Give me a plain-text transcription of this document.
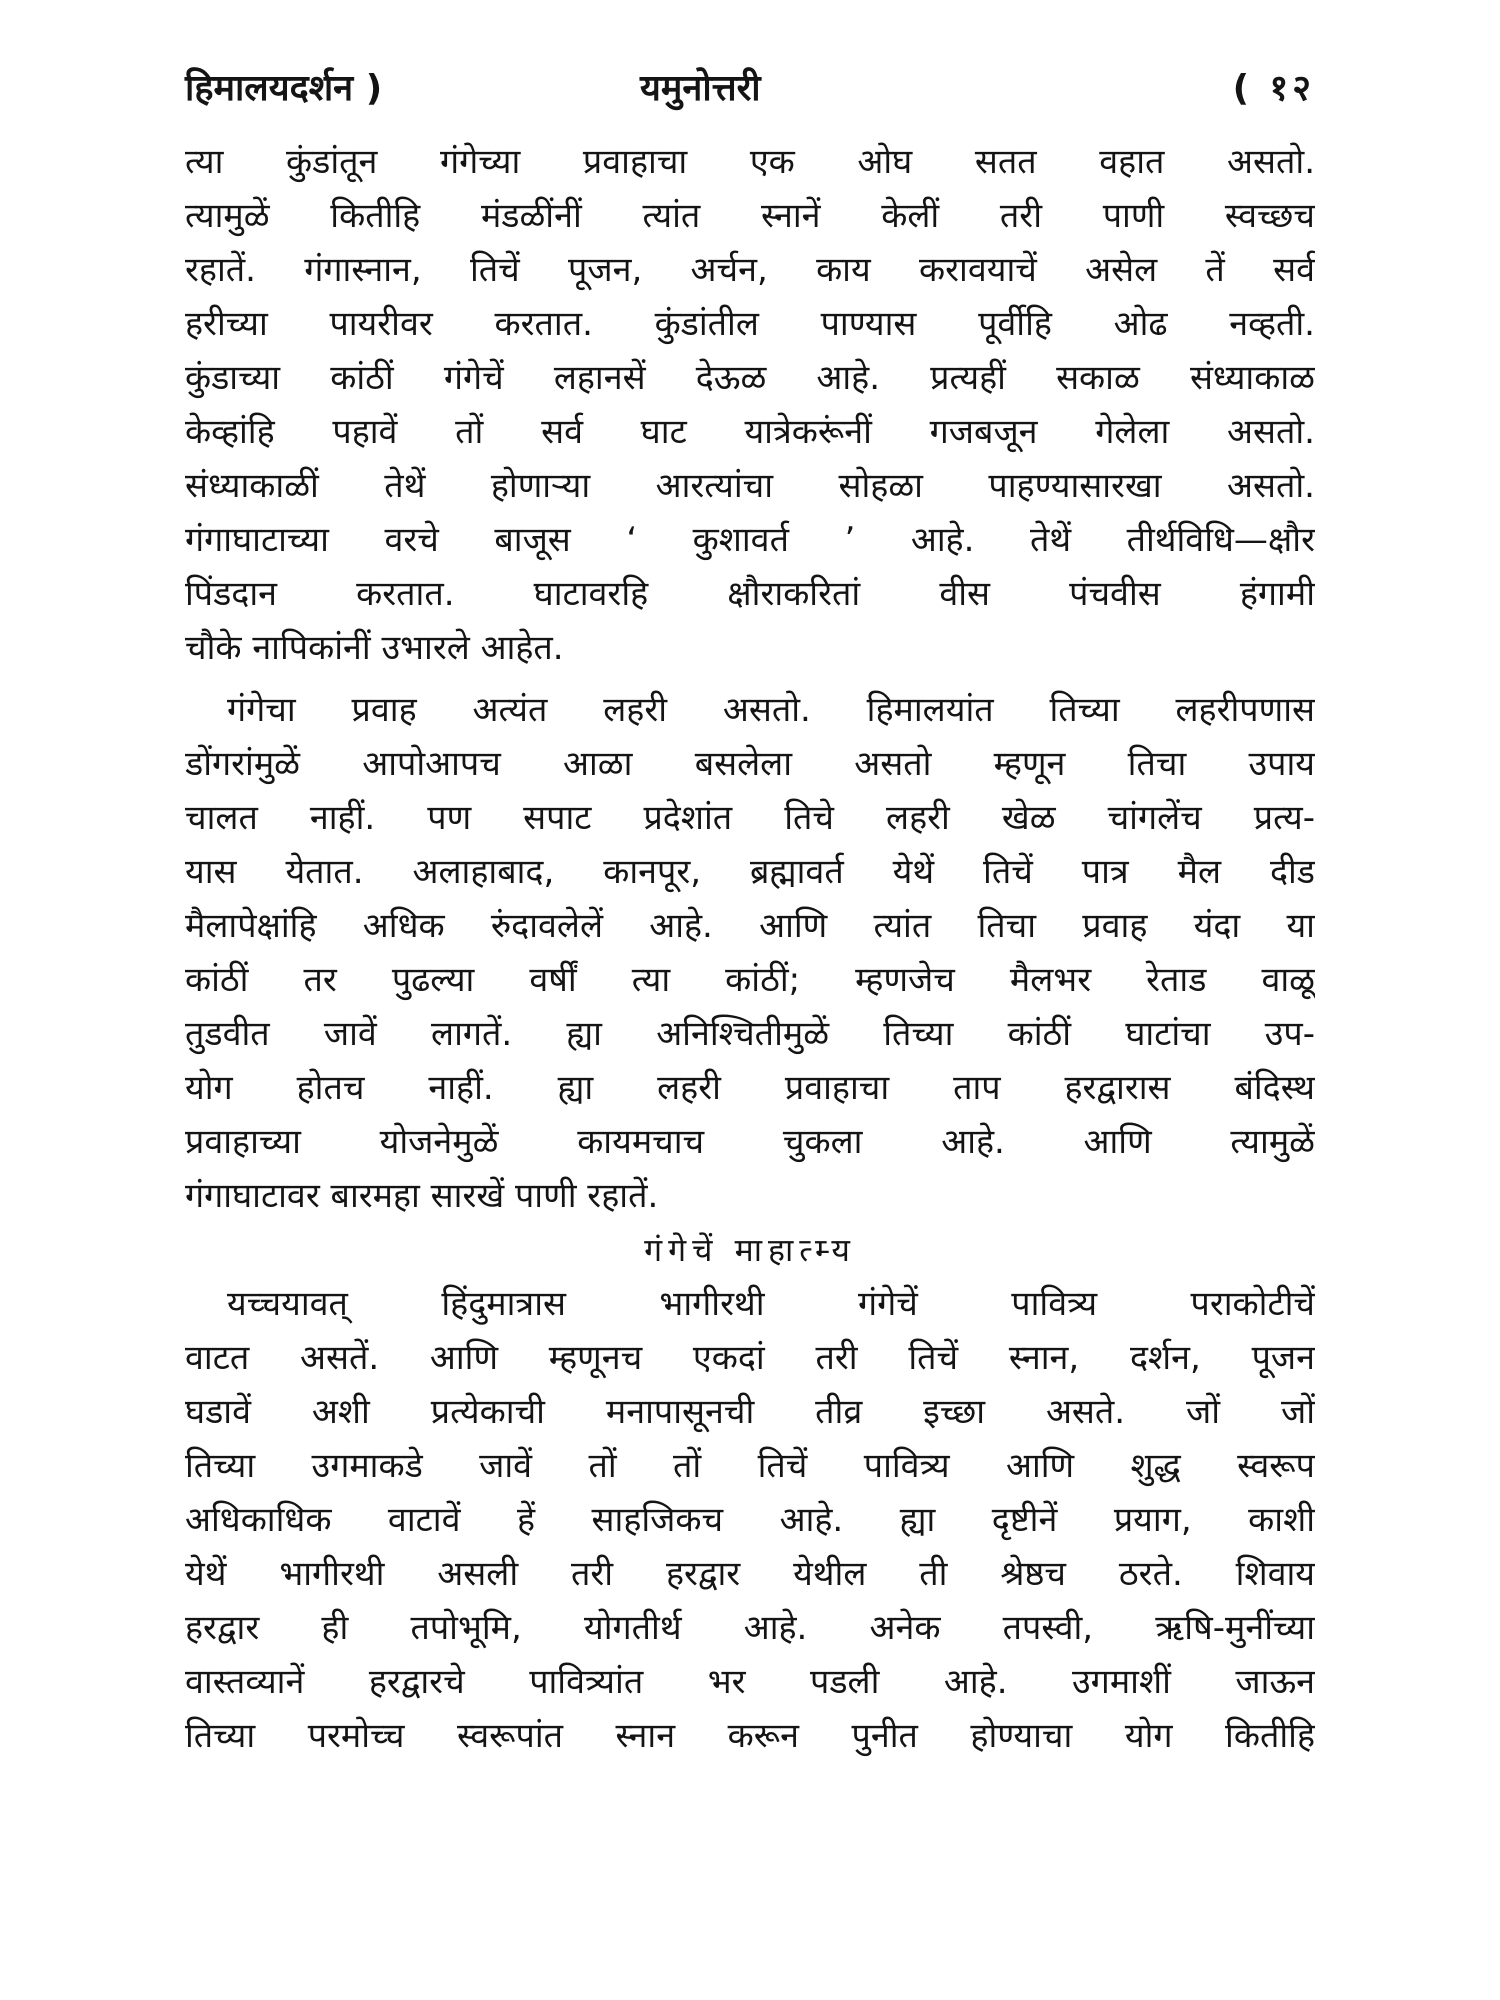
हिमालयदर्शन )	यमुनोत्तरी	( १२
त्या कुंडांतून गंगेच्या प्रवाहाचा एक ओघ सतत वहात असतो.
त्यामुळें कितीहि मंडळींनीं त्यांत स्नानें केलीं तरी पाणी स्वच्छच
रहातें. गंगास्नान, तिचें पूजन, अर्चन, काय करावयाचें असेल तें सर्व
हरीच्या पायरीवर करतात. कुंडांतील पाण्यास पूर्वीहि ओढ नव्हती.
कुंडाच्या कांठीं गंगेचें लहानसें देऊळ आहे. प्रत्यहीं सकाळ संध्याकाळ
केव्हांहि पहावें तों सर्व घाट यात्रेकरूंनीं गजबजून गेलेला असतो.
संध्याकाळीं तेथें होणाऱ्या आरत्यांचा सोहळा पाहण्यासारखा असतो.
गंगाघाटाच्या वरचे बाजूस ‘ कुशावर्त ’ आहे. तेथें तीर्थविधि—क्षौर
पिंडदान करतात. घाटावरहि क्षौराकरितां वीस पंचवीस हंगामी
चौके नापिकांनीं उभारले आहेत.
गंगेचा प्रवाह अत्यंत लहरी असतो. हिमालयांत तिच्या लहरीपणास
डोंगरांमुळें आपोआपच आळा बसलेला असतो म्हणून तिचा उपाय
चालत नाहीं. पण सपाट प्रदेशांत तिचे लहरी खेळ चांगलेंच प्रत्य-
यास येतात. अलाहाबाद, कानपूर, ब्रह्मावर्त येथें तिचें पात्र मैल दीड
मैलापेक्षांहि अधिक रुंदावलेलें आहे. आणि त्यांत तिचा प्रवाह यंदा या
कांठीं तर पुढल्या वर्षीं त्या कांठीं; म्हणजेच मैलभर रेताड वाळू
तुडवीत जावें लागतें. ह्या अनिश्चितीमुळें तिच्या कांठीं घाटांचा उप-
योग होतच नाहीं. ह्या लहरी प्रवाहाचा ताप हरद्वारास बंदिस्थ
प्रवाहाच्या योजनेमुळें कायमचाच चुकला आहे. आणि त्यामुळें
गंगाघाटावर बारमहा सारखें पाणी रहातें.
गंगेचें माहात्म्य
यच्चयावत् हिंदुमात्रास भागीरथी गंगेचें पावित्र्य पराकोटीचें
वाटत असतें. आणि म्हणूनच एकदां तरी तिचें स्नान, दर्शन, पूजन
घडावें अशी प्रत्येकाची मनापासूनची तीव्र इच्छा असते. जों जों
तिच्या उगमाकडे जावें तों तों तिचें पावित्र्य आणि शुद्ध स्वरूप
अधिकाधिक वाटावें हें साहजिकच आहे. ह्या दृष्टीनें प्रयाग, काशी
येथें भागीरथी असली तरी हरद्वार येथील ती श्रेष्ठच ठरते. शिवाय
हरद्वार ही तपोभूमि, योगतीर्थ आहे. अनेक तपस्वी, ऋषि-मुनींच्या
वास्तव्यानें हरद्वारचे पावित्र्यांत भर पडली आहे. उगमाशीं जाऊन
तिच्या परमोच्च स्वरूपांत स्नान करून पुनीत होण्याचा योग कितीहि
